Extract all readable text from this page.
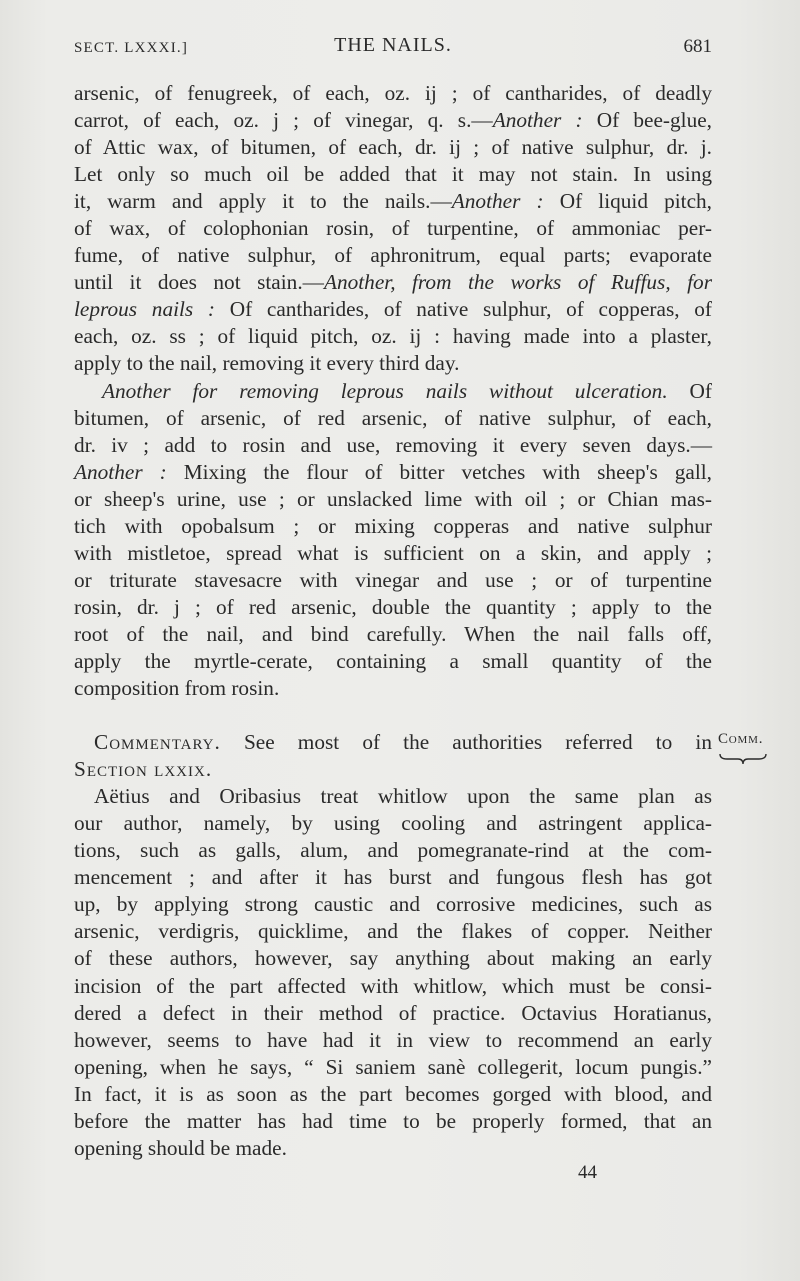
SECT. LXXXI.]	THE NAILS.	681
arsenic, of fenugreek, of each, oz. ij ; of cantharides, of deadly
carrot, of each, oz. j ; of vinegar, q. s.—Another : Of bee-glue,
of Attic wax, of bitumen, of each, dr. ij ; of native sulphur, dr. j.
Let only so much oil be added that it may not stain. In using
it, warm and apply it to the nails.—Another : Of liquid pitch,
of wax, of colophonian rosin, of turpentine, of ammoniac per-
fume, of native sulphur, of aphronitrum, equal parts; evaporate
until it does not stain.—Another, from the works of Ruffus, for
leprous nails : Of cantharides, of native sulphur, of copperas, of
each, oz. ss ; of liquid pitch, oz. ij : having made into a plaster,
apply to the nail, removing it every third day.
Another for removing leprous nails without ulceration. Of
bitumen, of arsenic, of red arsenic, of native sulphur, of each,
dr. iv ; add to rosin and use, removing it every seven days.—
Another : Mixing the flour of bitter vetches with sheep's gall,
or sheep's urine, use ; or unslacked lime with oil ; or Chian mas-
tich with opobalsum ; or mixing copperas and native sulphur
with mistletoe, spread what is sufficient on a skin, and apply ;
or triturate stavesacre with vinegar and use ; or of turpentine
rosin, dr. j ; of red arsenic, double the quantity ; apply to the
root of the nail, and bind carefully. When the nail falls off,
apply the myrtle-cerate, containing a small quantity of the
composition from rosin.
Commentary. See most of the authorities referred to in
Section lxxix.
Aëtius and Oribasius treat whitlow upon the same plan as
our author, namely, by using cooling and astringent applica-
tions, such as galls, alum, and pomegranate-rind at the com-
mencement ; and after it has burst and fungous flesh has got
up, by applying strong caustic and corrosive medicines, such as
arsenic, verdigris, quicklime, and the flakes of copper. Neither
of these authors, however, say anything about making an early
incision of the part affected with whitlow, which must be consi-
dered a defect in their method of practice. Octavius Horatianus,
however, seems to have had it in view to recommend an early
opening, when he says, “ Si saniem sanè collegerit, locum pungis.”
In fact, it is as soon as the part becomes gorged with blood, and
before the matter has had time to be properly formed, that an
opening should be made.
Comm.
44
